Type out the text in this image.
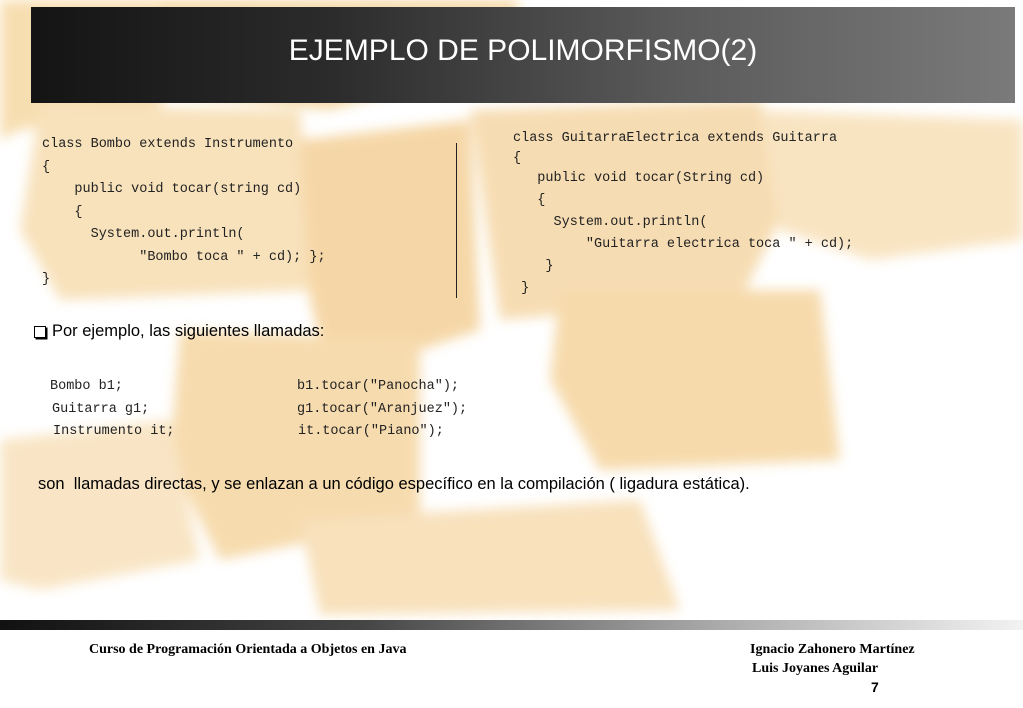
EJEMPLO DE POLIMORFISMO(2)
class Bombo extends Instrumento
{
public void tocar(string cd)
{
System.out.println(
"Bombo toca " + cd); };
}
class GuitarraElectrica extends Guitarra
{
public void tocar(String cd)
{
System.out.println(
"Guitarra electrica toca " + cd);
}
}
Por ejemplo, las siguientes llamadas:
Bombo b1;
Guitarra g1;
Instrumento it;
b1.tocar("Panocha");
g1.tocar("Aranjuez");
it.tocar("Piano");
son  llamadas directas, y se enlazan a un código específico en la compilación ( ligadura estática).
Curso de Programación Orientada a Objetos en Java	Ignacio Zahonero Martínez
Luis Joyanes Aguilar
7
